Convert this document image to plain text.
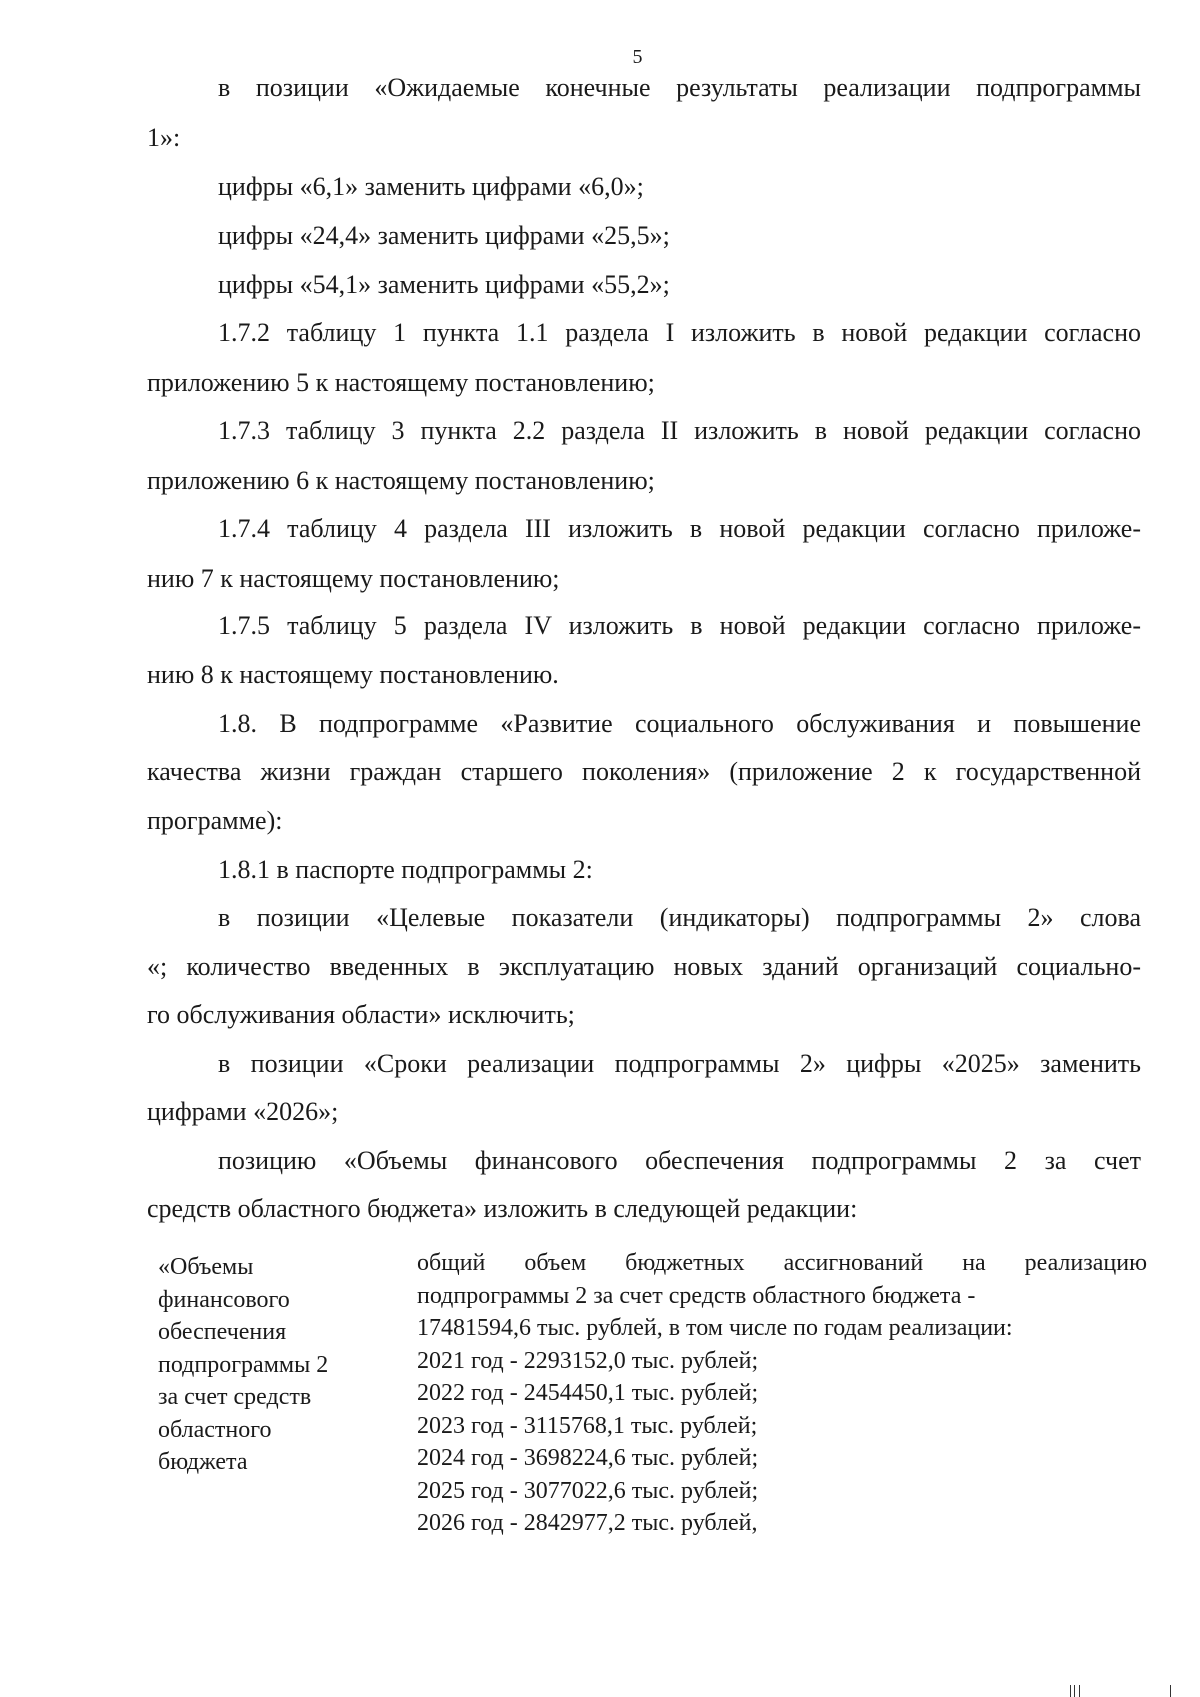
5
в позиции «Ожидаемые конечные результаты реализации подпрограммы
1»:
цифры «6,1» заменить цифрами «6,0»;
цифры «24,4» заменить цифрами «25,5»;
цифры «54,1» заменить цифрами «55,2»;
1.7.2 таблицу 1 пункта 1.1 раздела I изложить в новой редакции согласно
приложению 5 к настоящему постановлению;
1.7.3 таблицу 3 пункта 2.2 раздела II изложить в новой редакции согласно
приложению 6 к настоящему постановлению;
1.7.4 таблицу 4 раздела III изложить в новой редакции согласно приложе-
нию 7 к настоящему постановлению;
1.7.5 таблицу 5 раздела IV изложить в новой редакции согласно приложе-
нию 8 к настоящему постановлению.
1.8. В подпрограмме «Развитие социального обслуживания и повышение
качества жизни граждан старшего поколения» (приложение 2 к государственной
программе):
1.8.1 в паспорте подпрограммы 2:
в позиции «Целевые показатели (индикаторы) подпрограммы 2» слова
«; количество введенных в эксплуатацию новых зданий организаций социально-
го обслуживания области» исключить;
в позиции «Сроки реализации подпрограммы 2» цифры «2025» заменить
цифрами «2026»;
позицию «Объемы финансового обеспечения подпрограммы 2 за счет
средств областного бюджета» изложить в следующей редакции:
«Объемы
финансового
обеспечения
подпрограммы 2
за счет средств
областного
бюджета
общий объем бюджетных ассигнований на реализацию
подпрограммы 2 за счет средств областного бюджета -
17481594,6 тыс. рублей, в том числе по годам реализации:
2021 год - 2293152,0 тыс. рублей;
2022 год - 2454450,1 тыс. рублей;
2023 год - 3115768,1 тыс. рублей;
2024 год - 3698224,6 тыс. рублей;
2025 год - 3077022,6 тыс. рублей;
2026 год - 2842977,2 тыс. рублей,
